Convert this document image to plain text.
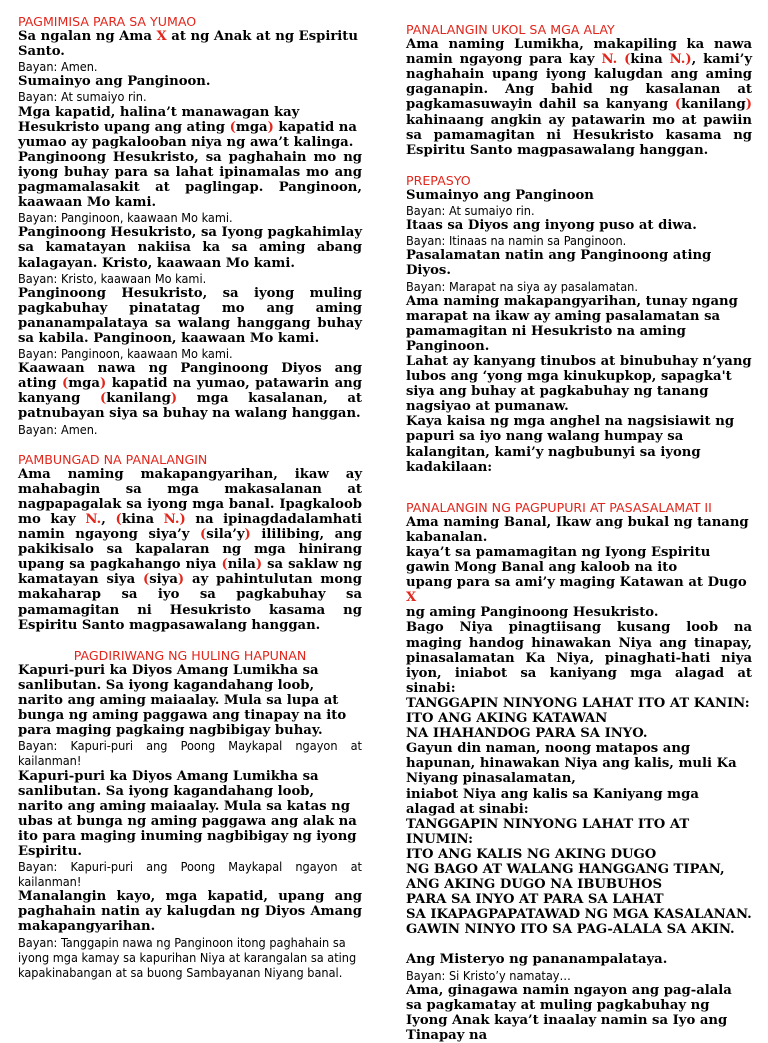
PAGMIMISA PARA SA YUMAO

Sa ngalan ng Ama X at ng Anak at ng Espiritu Santo.

Bayan: Amen.

Sumainyo ang Panginoon.

Bayan: At sumaiyo rin.

Mga kapatid, halina’t manawagan kay Hesukristo upang ang ating (mga) kapatid na yumao ay pagkalooban niya ng awa’t kalinga.

Panginoong Hesukristo, sa paghahain mo ng iyong buhay para sa lahat ipinamalas mo ang pagmamalasakit at paglingap. Panginoon, kaawaan Mo kami.

Bayan: Panginoon, kaawaan Mo kami.

Panginoong Hesukristo, sa Iyong pagkahimlay sa kamatayan nakiisa ka sa aming abang kalagayan. Kristo, kaawaan Mo kami.

Bayan: Kristo, kaawaan Mo kami.

Panginoong Hesukristo, sa iyong muling pagkabuhay pinatatag mo ang aming pananampalataya sa walang hanggang buhay sa kabila. Panginoon, kaawaan Mo kami.

Bayan: Panginoon, kaawaan Mo kami.

Kaawaan nawa ng Panginoong Diyos ang ating (mga) kapatid na yumao, patawarin ang kanyang (kanilang) mga kasalanan, at patnubayan siya sa buhay na walang hanggan.

Bayan: Amen.

PAMBUNGAD NA PANALANGIN

Ama naming makapangyarihan, ikaw ay mahabagin sa mga makasalanan at nagpapagalak sa iyong mga banal. Ipagkaloob mo kay N., (kina N.) na ipinagdadalamhati namin ngayong siya’y (sila’y) ililibing, ang pakikisalo sa kapalaran ng mga hinirang upang sa pagkahango niya (nila) sa saklaw ng kamatayan siya (siya) ay pahintulutan mong makaharap sa iyo sa pagkabuhay sa pamamagitan ni Hesukristo kasama ng Espiritu Santo magpasawalang hanggan.

PAGDIRIWANG NG HULING HAPUNAN

Kapuri-puri ka Diyos Amang Lumikha sa sanlibutan. Sa iyong kagandahang loob, narito ang aming maiaalay. Mula sa lupa at bunga ng aming paggawa ang tinapay na ito para maging pagkaing nagbibigay buhay.

Bayan: Kapuri-puri ang Poong Maykapal ngayon at kailanman!

Kapuri-puri ka Diyos Amang Lumikha sa sanlibutan. Sa iyong kagandahang loob, narito ang aming maiaalay. Mula sa katas ng ubas at bunga ng aming paggawa ang alak na ito para maging inuming nagbibigay ng iyong Espiritu.

Bayan: Kapuri-puri ang Poong Maykapal ngayon at kailanman!

Manalangin kayo, mga kapatid, upang ang paghahain natin ay kalugdan ng Diyos Amang makapangyarihan.

Bayan: Tanggapin nawa ng Panginoon itong paghahain sa iyong mga kamay sa kapurihan Niya at karangalan sa ating kapakinabangan at sa buong Sambayanan Niyang banal.

PANALANGIN UKOL SA MGA ALAY

Ama naming Lumikha, makapiling ka nawa namin ngayong para kay N. (kina N.), kami’y naghahain upang iyong kalugdan ang aming gaganapin. Ang bahid ng kasalanan at pagkamasuwayin dahil sa kanyang (kanilang) kahinaang angkin ay patawarin mo at pawiin sa pamamagitan ni Hesukristo kasama ng Espiritu Santo magpasawalang hanggan.

PREPASYO

Sumainyo ang Panginoon

Bayan: At sumaiyo rin.

Itaas sa Diyos ang inyong puso at diwa.

Bayan: Itinaas na namin sa Panginoon.

Pasalamatan natin ang Panginoong ating Diyos.

Bayan: Marapat na siya ay pasalamatan.

Ama naming makapangyarihan, tunay ngang marapat na ikaw ay aming pasalamatan sa pamamagitan ni Hesukristo na aming Panginoon.

Lahat ay kanyang tinubos at binubuhay n’yang lubos ang ‘yong mga kinukupkop, sapagka't siya ang buhay at pagkabuhay ng tanang nagsiyao at pumanaw.

Kaya kaisa ng mga anghel na nagsisiawit ng papuri sa iyo nang walang humpay sa kalangitan, kami’y nagbubunyi sa iyong kadakilaan:

PANALANGIN NG PAGPUPURI AT PASASALAMAT II

Ama naming Banal, Ikaw ang bukal ng tanang kabanalan.

kaya’t sa pamamagitan ng Iyong Espiritu gawin Mong Banal ang kaloob na ito
upang para sa ami’y maging Katawan at Dugo X
ng aming Panginoong Hesukristo.

Bago Niya pinagtiisang kusang loob na maging handog hinawakan Niya ang tinapay, pinasalamatan Ka Niya, pinaghati-hati niya iyon, iniabot sa kaniyang mga alagad at sinabi:

TANGGAPIN NINYONG LAHAT ITO AT KANIN:
ITO ANG AKING KATAWAN
NA IHAHANDOG PARA SA INYO.

Gayun din naman, noong matapos ang hapunan, hinawakan Niya ang kalis, muli Ka Niyang pinasalamatan,
iniabot Niya ang kalis sa Kaniyang mga alagad at sinabi:

TANGGAPIN NINYONG LAHAT ITO AT INUMIN:
ITO ANG KALIS NG AKING DUGO
NG BAGO AT WALANG HANGGANG TIPAN,
ANG AKING DUGO NA IBUBUHOS
PARA SA INYO AT PARA SA LAHAT
SA IKAPAGPAPATAWAD NG MGA KASALANAN.
GAWIN NINYO ITO SA PAG-ALALA SA AKIN.

Ang Misteryo ng pananampalataya.

Bayan: Si Kristo’y namatay…

Ama, ginagawa namin ngayon ang pag-alala sa pagkamatay at muling pagkabuhay ng Iyong Anak kaya’t inaalay namin sa Iyo ang Tinapay na
